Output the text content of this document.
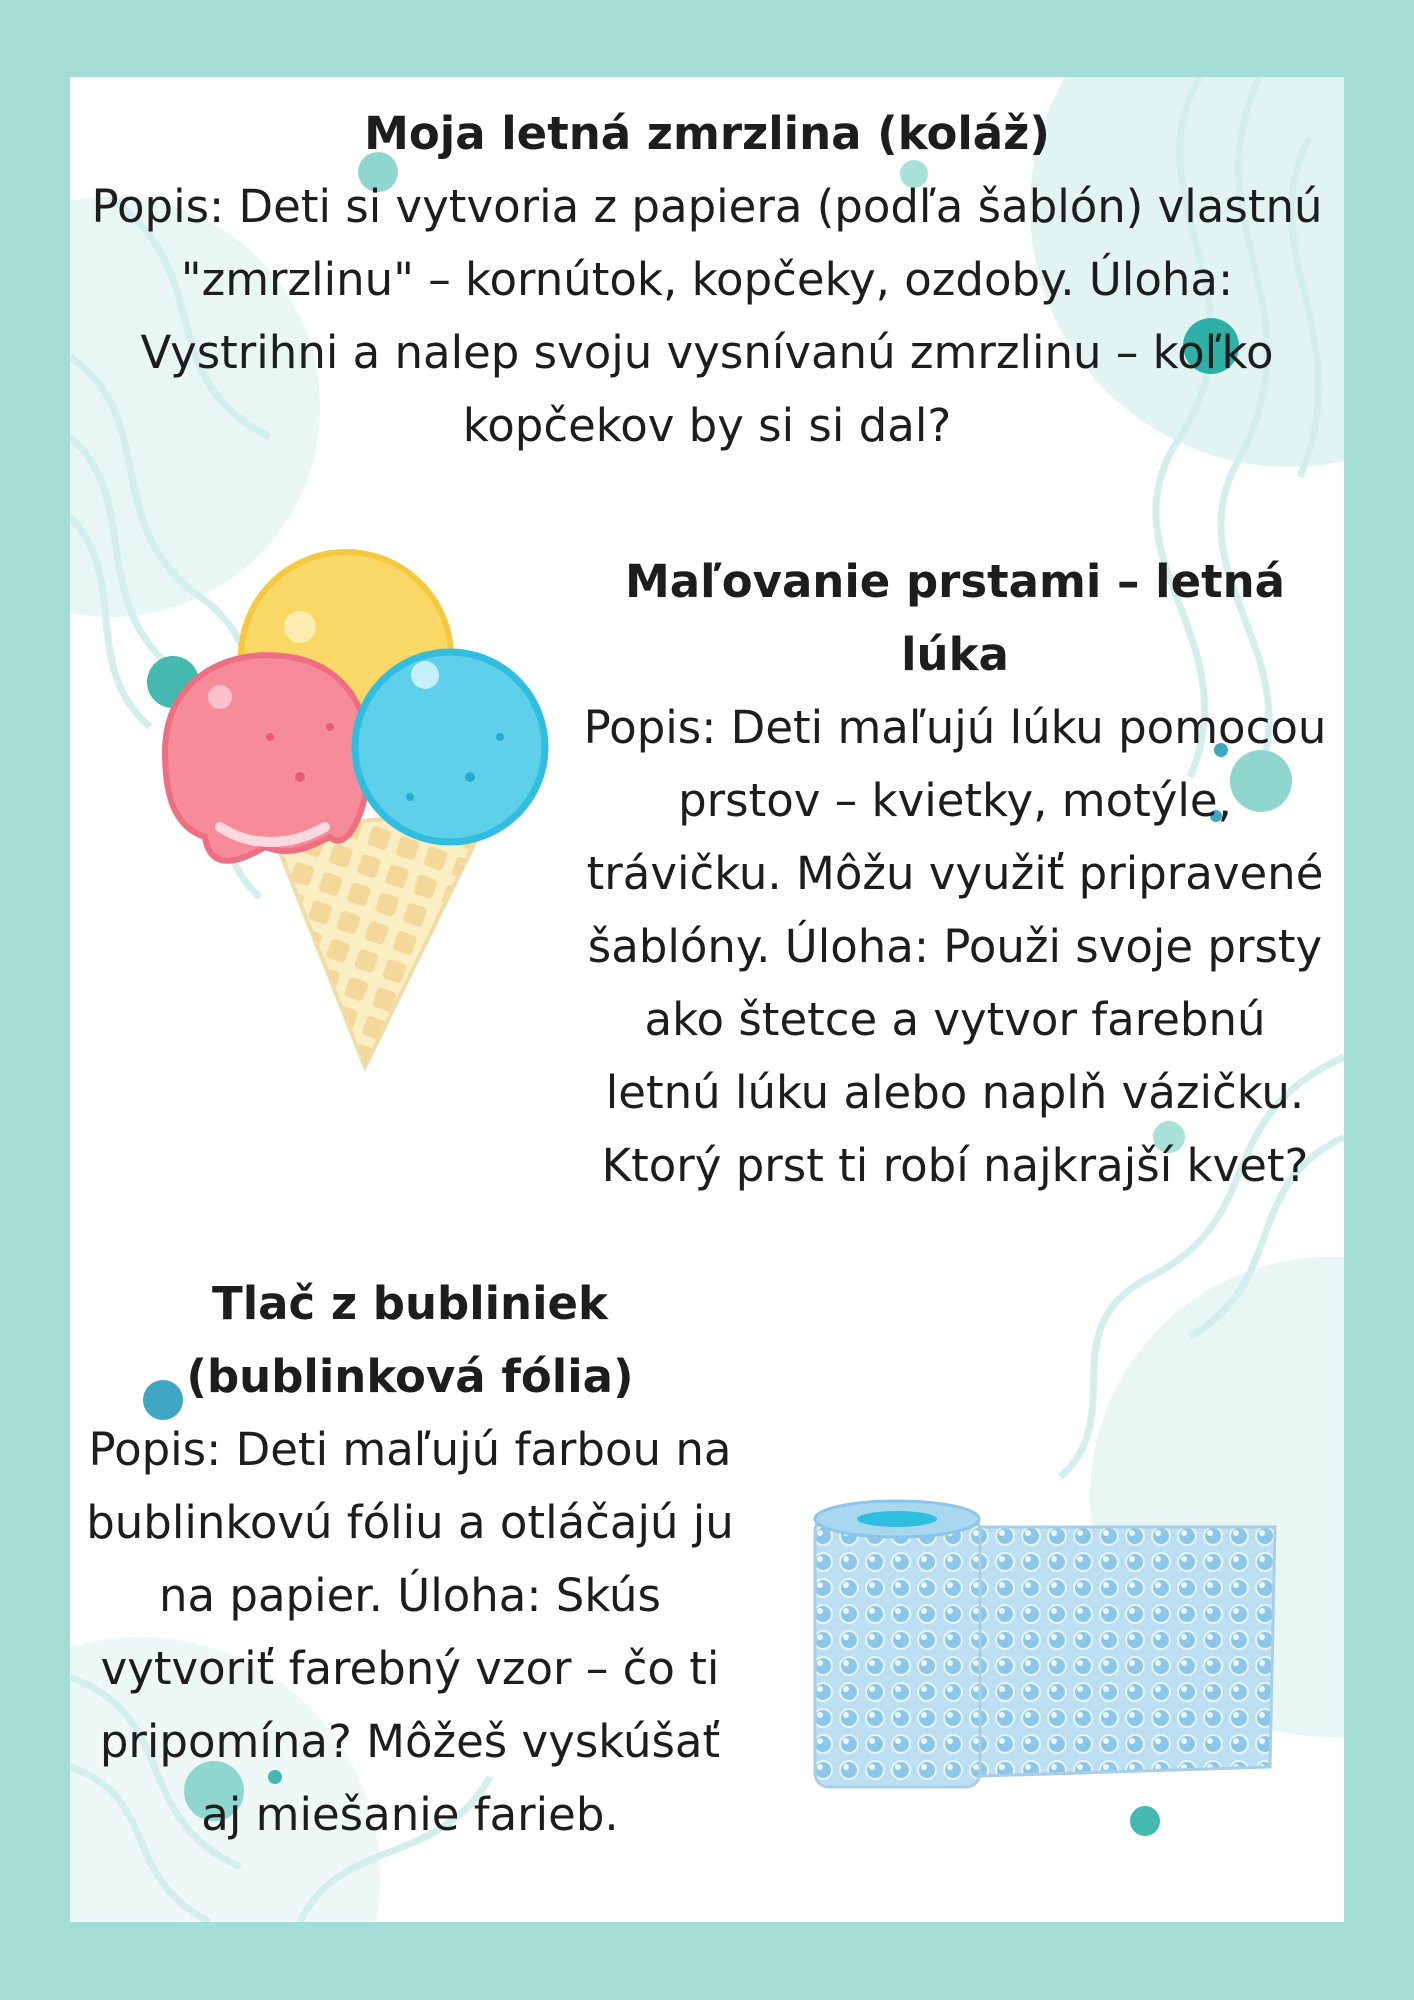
Moja letná zmrzlina (koláž)
Popis: Deti si vytvoria z papiera (podľa šablón) vlastnú "zmrzlinu" – kornútok, kopčeky, ozdoby. Úloha: Vystrihni a nalep svoju vysnívanú zmrzlinu – koľko kopčekov by si si dal?
Maľovanie prstami – letná lúka
Popis: Deti maľujú lúku pomocou prstov – kvietky, motýle, trávičku. Môžu využiť pripravené šablóny. Úloha: Použi svoje prsty ako štetce a vytvor farebnú letnú lúku alebo naplň vázičku. Ktorý prst ti robí najkrajší kvet?
Tlač z bubliniek (bublinková fólia)
Popis: Deti maľujú farbou na bublinkovú fóliu a otláčajú ju na papier. Úloha: Skús vytvoriť farebný vzor – čo ti pripomína? Môžeš vyskúšať aj miešanie farieb.
